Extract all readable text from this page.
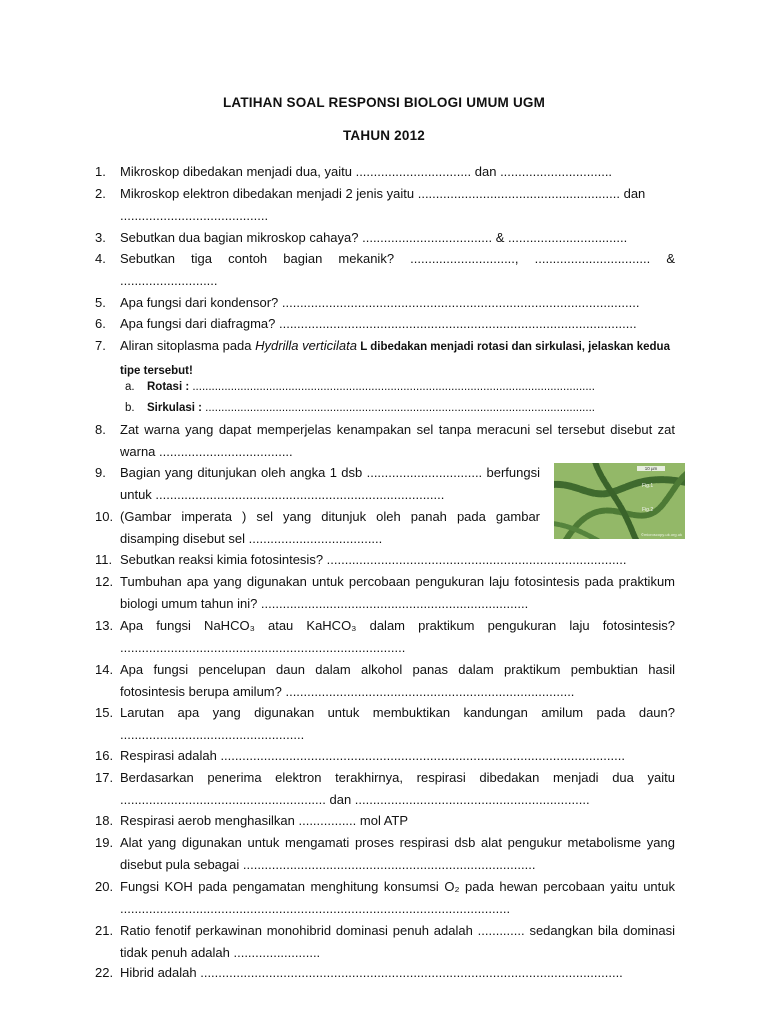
LATIHAN SOAL RESPONSI BIOLOGI UMUM UGM
TAHUN 2012
1. Mikroskop dibedakan menjadi dua, yaitu ................................ dan ...............................
2. Mikroskop elektron dibedakan menjadi 2 jenis yaitu ........................................................ dan .........................................
3. Sebutkan dua bagian mikroskop cahaya? .................................... & .................................
4. Sebutkan tiga contoh bagian mekanik? ............................., ................................ & ...........................
5. Apa fungsi dari kondensor? ...................................................................................................
6. Apa fungsi dari diafragma? ...................................................................................................
7. Aliran sitoplasma pada Hydrilla verticilata L dibedakan menjadi rotasi dan sirkulasi, jelaskan kedua tipe tersebut!
a. Rotasi : ..............................................................................................................................
b. Sirkulasi : ..........................................................................................................................
8. Zat warna yang dapat memperjelas kenampakan sel tanpa meracuni sel tersebut disebut zat warna .....................................
9. Bagian yang ditunjukan oleh angka 1 dsb ................................ berfungsi untuk ................................................................................
10. (Gambar imperata ) sel yang ditunjuk oleh panah pada gambar disamping disebut sel .....................................
10 µm
Fig.1
Fig.2
©microscopy-uk.org.uk
11. Sebutkan reaksi kimia fotosintesis? ...................................................................................
12. Tumbuhan apa yang digunakan untuk percobaan pengukuran laju fotosintesis pada praktikum biologi umum tahun ini? ..........................................................................
13. Apa fungsi NaHCO₃ atau KaHCO₃ dalam praktikum pengukuran laju fotosintesis? ...............................................................................
14. Apa fungsi pencelupan daun dalam alkohol panas dalam praktikum pembuktian hasil fotosintesis berupa amilum? ................................................................................
15. Larutan apa yang digunakan untuk membuktikan kandungan amilum pada daun? ...................................................
16. Respirasi adalah ................................................................................................................
17. Berdasarkan penerima elektron terakhirnya, respirasi dibedakan menjadi dua yaitu ......................................................... dan .................................................................
18. Respirasi aerob menghasilkan ................ mol ATP
19. Alat yang digunakan untuk mengamati proses respirasi dsb alat pengukur metabolisme yang disebut pula sebagai .................................................................................
20. Fungsi KOH pada pengamatan menghitung konsumsi O₂ pada hewan percobaan yaitu untuk ............................................................................................................
21. Ratio fenotif perkawinan monohibrid dominasi penuh adalah ............. sedangkan bila dominasi tidak penuh adalah ........................
22. Hibrid adalah .....................................................................................................................
